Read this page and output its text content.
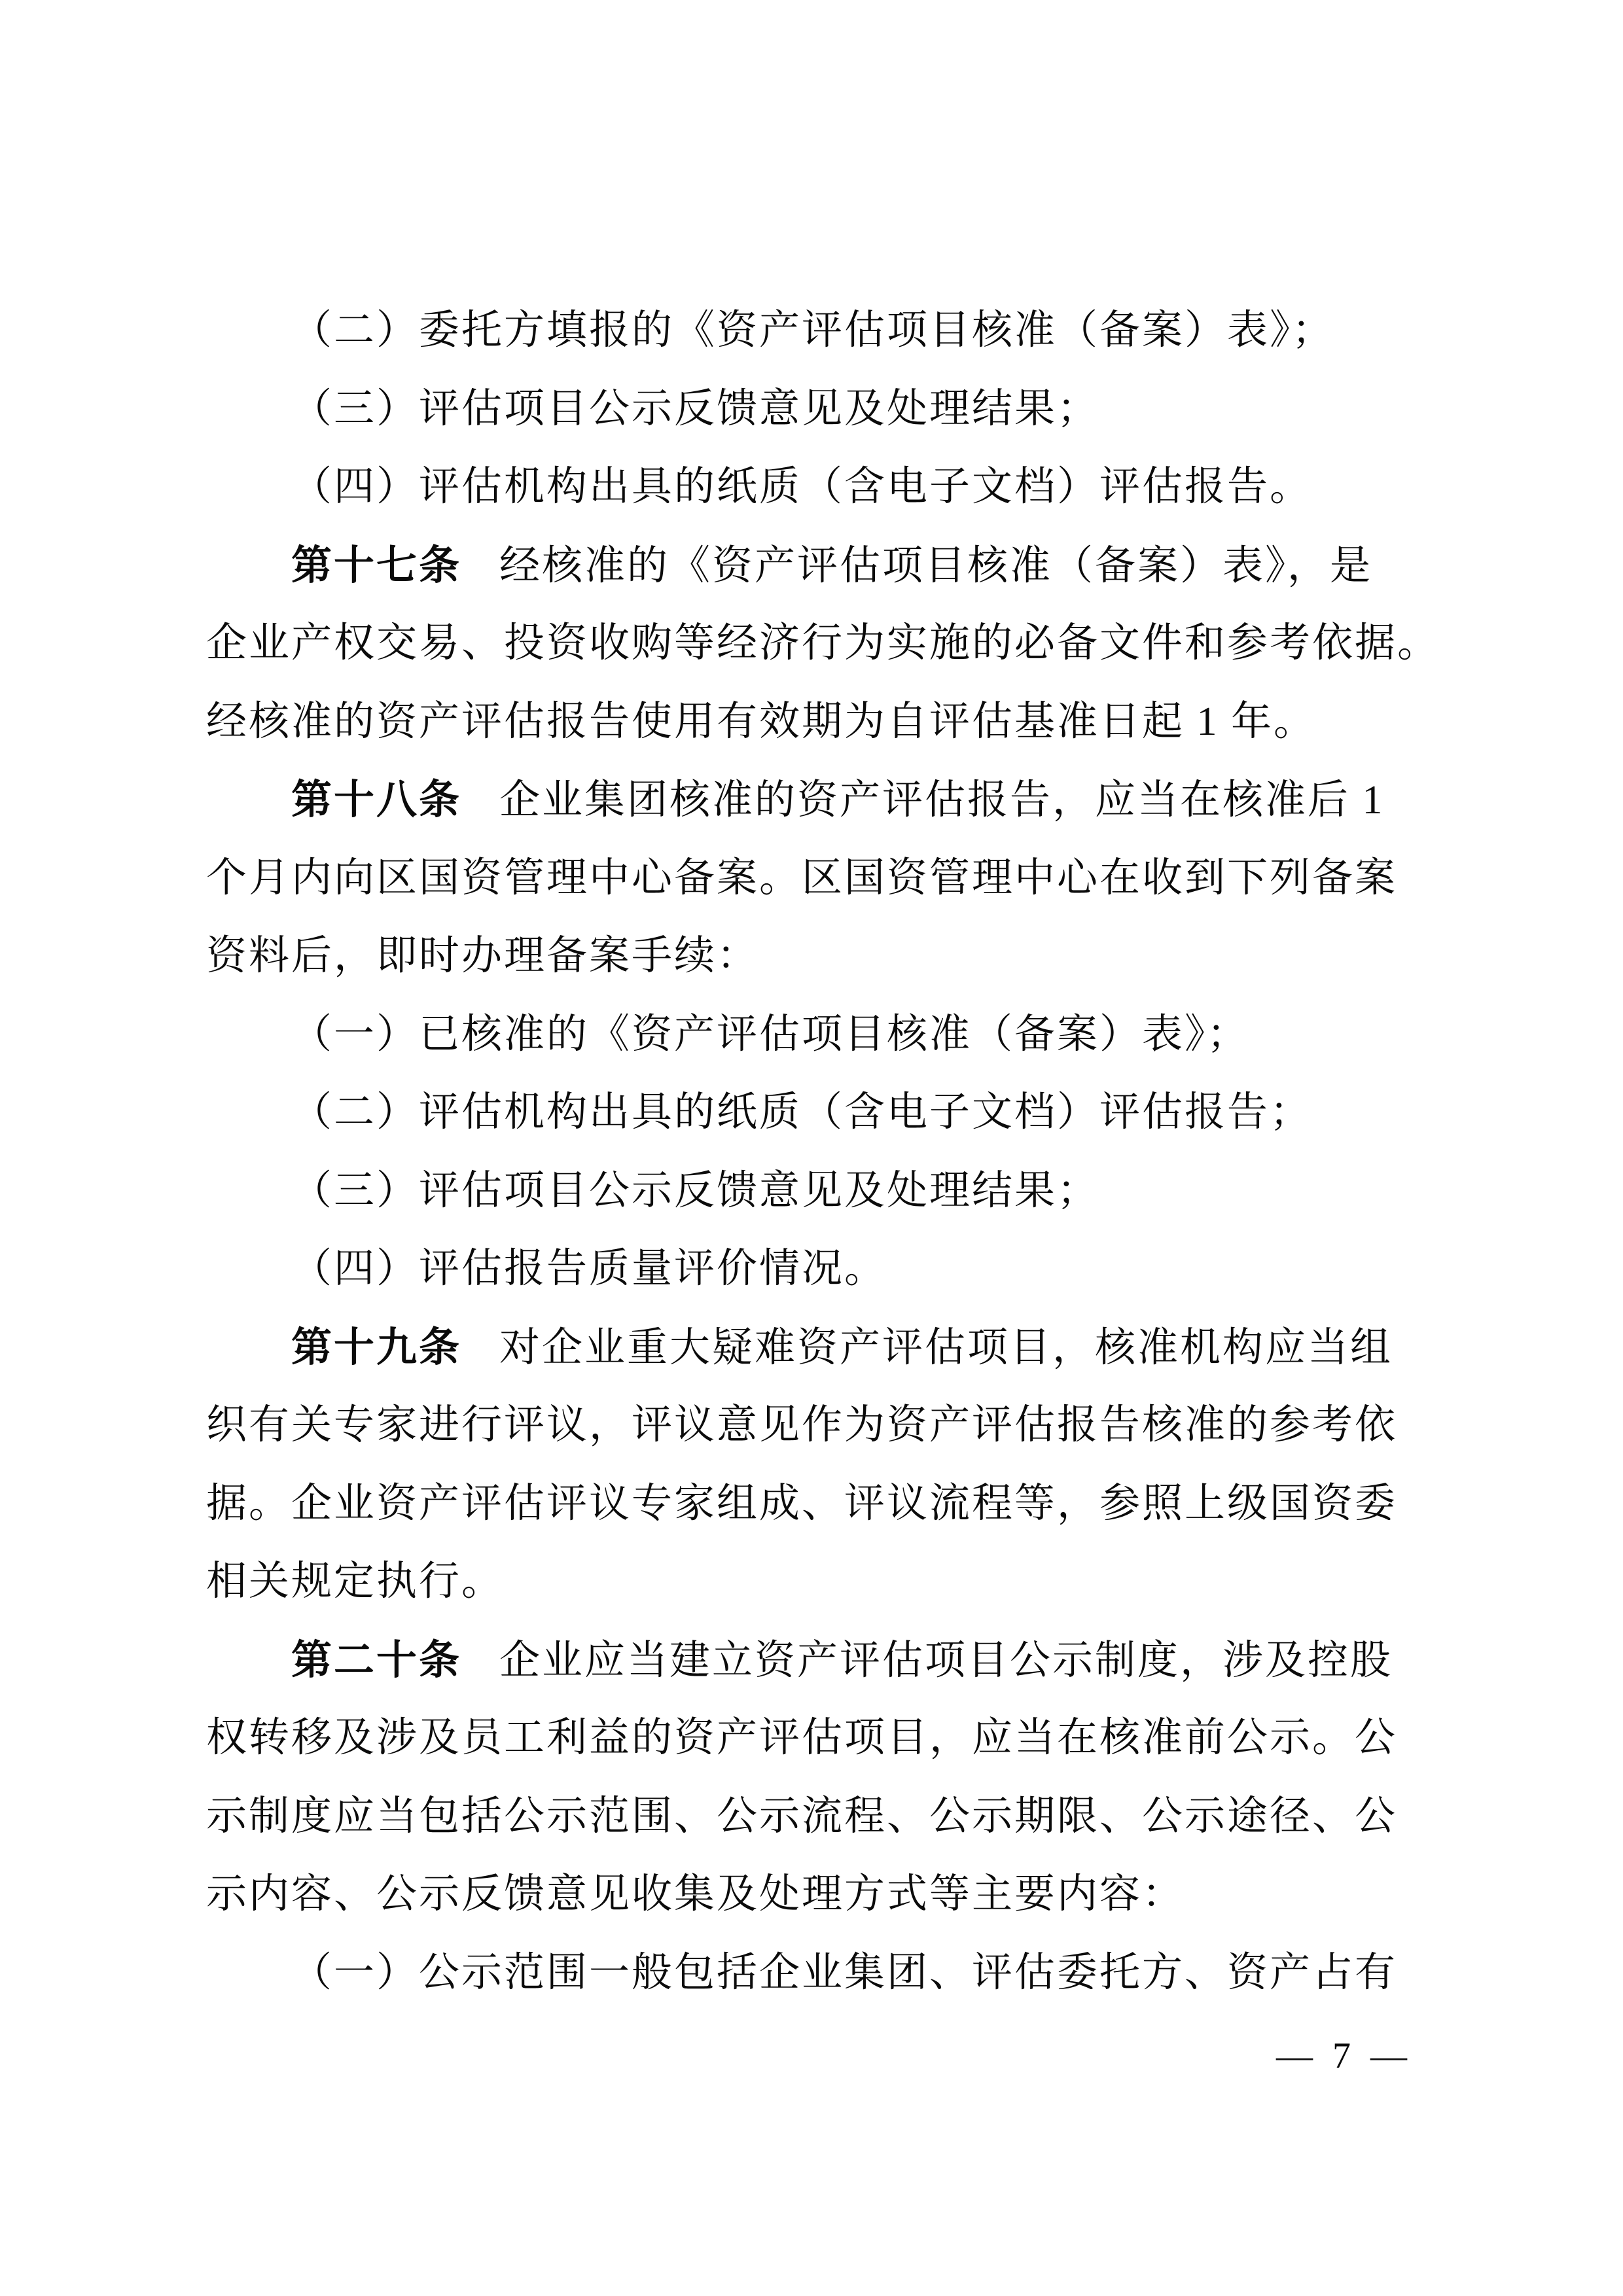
（二）委托方填报的《资产评估项目核准（备案）表》；
（三）评估项目公示反馈意见及处理结果；
（四）评估机构出具的纸质（含电子文档）评估报告。
第十七条 经核准的《资产评估项目核准（备案）表》，是
企业产权交易、投资收购等经济行为实施的必备文件和参考依据。
经核准的资产评估报告使用有效期为自评估基准日起 1 年。
第十八条 企业集团核准的资产评估报告，应当在核准后 1
个月内向区国资管理中心备案。区国资管理中心在收到下列备案
资料后，即时办理备案手续：
（一）已核准的《资产评估项目核准（备案）表》；
（二）评估机构出具的纸质（含电子文档）评估报告；
（三）评估项目公示反馈意见及处理结果；
（四）评估报告质量评价情况。
第十九条 对企业重大疑难资产评估项目，核准机构应当组
织有关专家进行评议，评议意见作为资产评估报告核准的参考依
据。企业资产评估评议专家组成、评议流程等，参照上级国资委
相关规定执行。
第二十条 企业应当建立资产评估项目公示制度，涉及控股
权转移及涉及员工利益的资产评估项目，应当在核准前公示。公
示制度应当包括公示范围、公示流程、公示期限、公示途径、公
示内容、公示反馈意见收集及处理方式等主要内容：
（一）公示范围一般包括企业集团、评估委托方、资产占有
— 7 —
